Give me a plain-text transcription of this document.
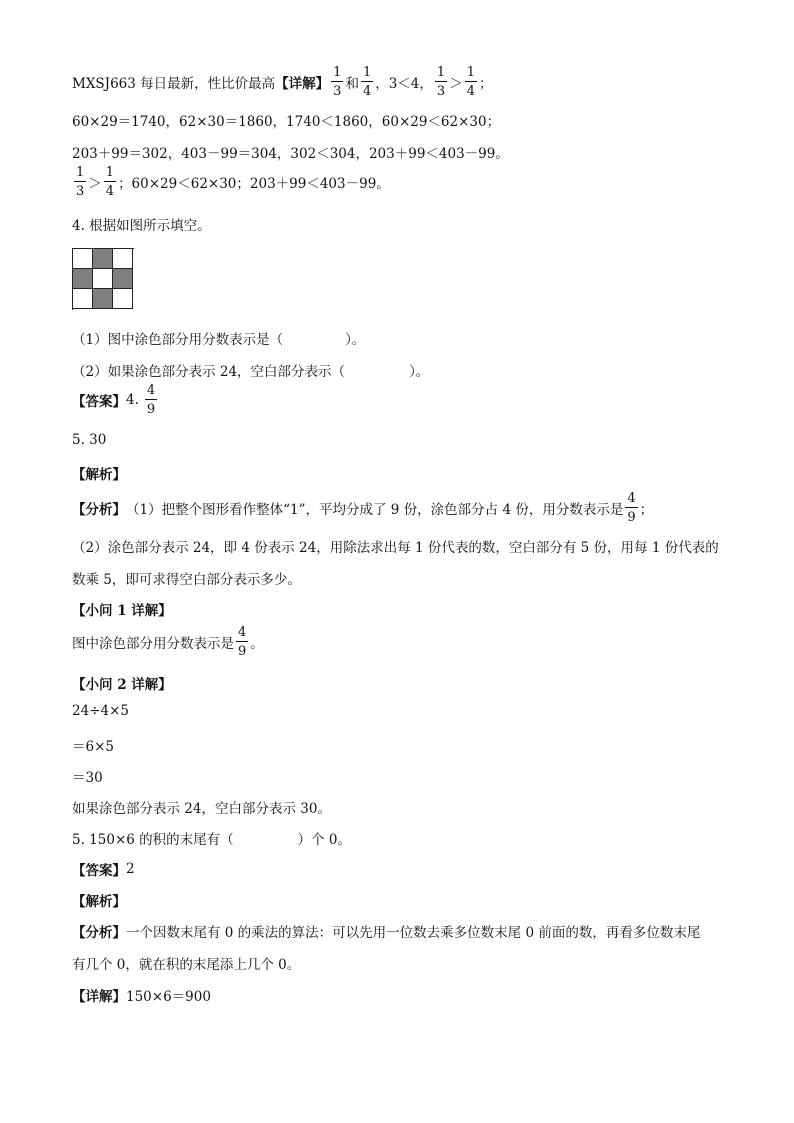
MXSJ663 每日最新，性比价最高 【详解】 $\frac{1}{3}$ 和 $\frac{1}{4}$ ，3＜4， $\frac{1}{3} > \frac{1}{4}$ ；
60×29＝1740，62×30＝1860，1740＜1860，60×29＜62×30；
203＋99＝302，403－99＝304，302＜304，203＋99＜403－99。
$\frac{1}{3} > \frac{1}{4}$ ；60×29＜62×30；203＋99＜403－99。
4. 根据如图所示填空。
（1）图中涂色部分用分数表示是（	）。
（2）如果涂色部分表示 24，空白部分表示（	）。
【答案】 4. $\frac{4}{9}$
5. 30
【解析】
【分析】 （1）把整个图形看作整体“1”，平均分成了 9 份，涂色部分占 4 份，用分数表示是 $\frac{4}{9}$ ；
（2）涂色部分表示 24，即 4 份表示 24，用除法求出每 1 份代表的数，空白部分有 5 份，用每 1 份代表的
数乘 5，即可求得空白部分表示多少。
【小问 1 详解】
图中涂色部分用分数表示是 $\frac{4}{9}$ 。
【小问 2 详解】
24÷4×5
＝6×5
＝30
如果涂色部分表示 24，空白部分表示 30。
5. 150×6 的积的末尾有（	）个 0。
【答案】 2
【解析】
【分析】 一个因数末尾有 0 的乘法的算法：可以先用一位数去乘多位数末尾 0 前面的数，再看多位数末尾
有几个 0，就在积的末尾添上几个 0。
【详解】 150×6＝900
